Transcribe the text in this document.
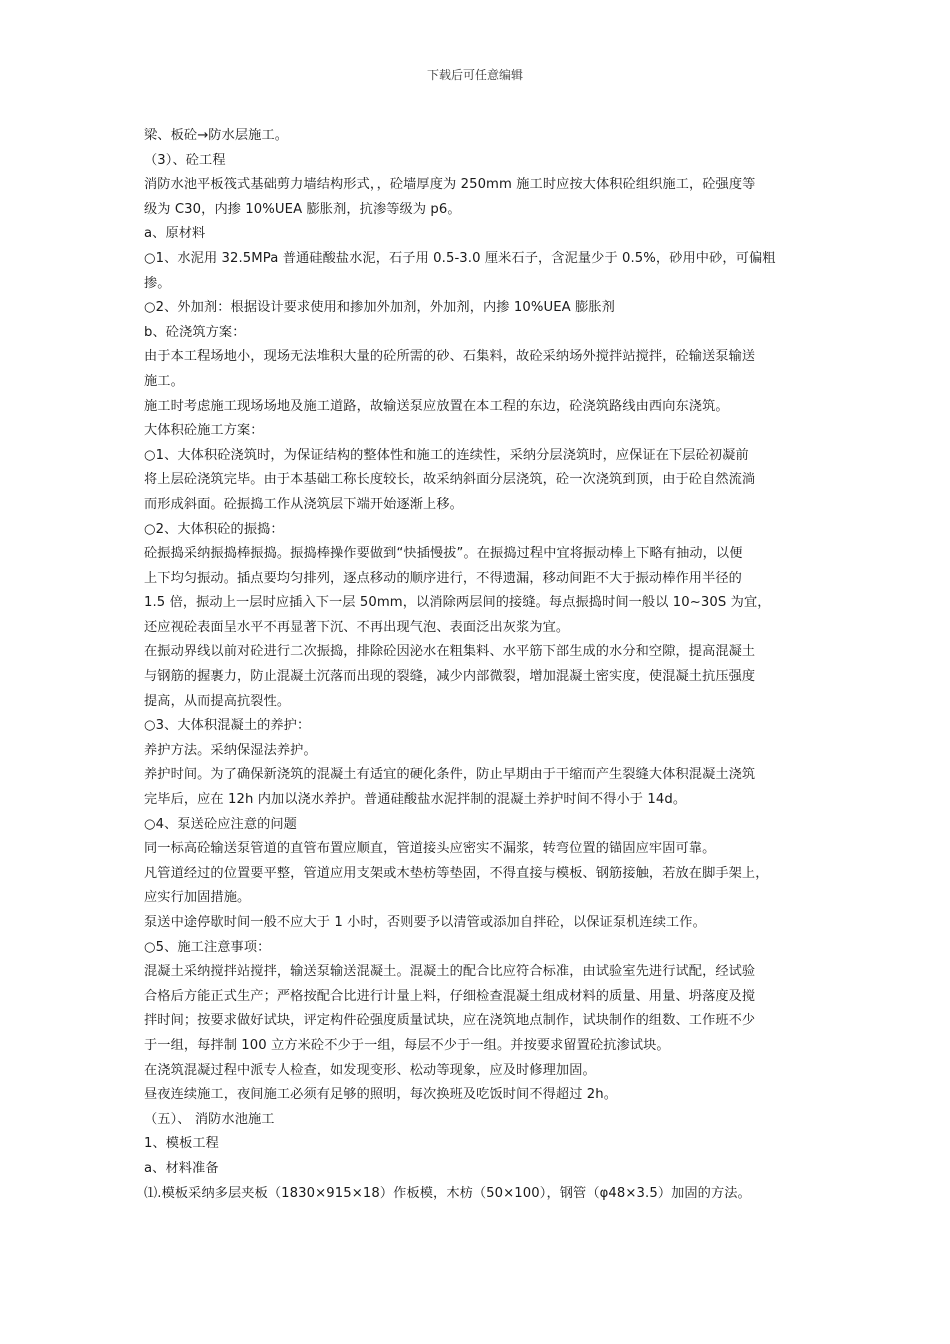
下载后可任意编辑

梁、板砼→防水层施工。

（3）、砼工程

消防水池平板筏式基础剪力墙结构形式，，砼墙厚度为 250mm 施工时应按大体积砼组织施工，砼强度等

级为 C30，内掺 10%UEA 膨胀剂，抗渗等级为 p6。

a、原材料

○1、水泥用 32.5MPa 普通硅酸盐水泥，石子用 0.5-3.0 厘米石子，含泥量少于 0.5%，砂用中砂，可偏粗

掺。

○2、外加剂：根据设计要求使用和掺加外加剂，外加剂，内掺 10%UEA 膨胀剂

b、砼浇筑方案：

由于本工程场地小，现场无法堆积大量的砼所需的砂、石集料，故砼采纳场外搅拌站搅拌，砼输送泵输送

施工。

施工时考虑施工现场场地及施工道路，故输送泵应放置在本工程的东边，砼浇筑路线由西向东浇筑。

大体积砼施工方案：

○1、大体积砼浇筑时，为保证结构的整体性和施工的连续性，采纳分层浇筑时，应保证在下层砼初凝前

将上层砼浇筑完毕。由于本基础工称长度较长，故采纳斜面分层浇筑，砼一次浇筑到顶，由于砼自然流淌

而形成斜面。砼振捣工作从浇筑层下端开始逐渐上移。

○2、大体积砼的振捣：

砼振捣采纳振捣棒振捣。振捣棒操作要做到“快插慢拔”。在振捣过程中宜将振动棒上下略有抽动，以便

上下均匀振动。插点要均匀排列，逐点移动的顺序进行，不得遗漏，移动间距不大于振动棒作用半径的

1.5 倍，振动上一层时应插入下一层 50mm，以消除两层间的接缝。每点振捣时间一般以 10~30S 为宜，

还应视砼表面呈水平不再显著下沉、不再出现气泡、表面泛出灰浆为宜。

在振动界线以前对砼进行二次振捣，排除砼因泌水在粗集料、水平筋下部生成的水分和空隙，提高混凝土

与钢筋的握裹力，防止混凝土沉落而出现的裂缝，减少内部微裂，增加混凝土密实度，使混凝土抗压强度

提高，从而提高抗裂性。

○3、大体积混凝土的养护：

养护方法。采纳保湿法养护。

养护时间。为了确保新浇筑的混凝土有适宜的硬化条件，防止早期由于干缩而产生裂缝大体积混凝土浇筑

完毕后，应在 12h 内加以浇水养护。普通硅酸盐水泥拌制的混凝土养护时间不得小于 14d。

○4、泵送砼应注意的问题

同一标高砼输送泵管道的直管布置应顺直，管道接头应密实不漏浆，转弯位置的锚固应牢固可靠。

凡管道经过的位置要平整，管道应用支架或木垫枋等垫固，不得直接与模板、钢筋接触，若放在脚手架上，

应实行加固措施。

泵送中途停歇时间一般不应大于 1 小时，否则要予以清管或添加自拌砼，以保证泵机连续工作。

○5、施工注意事项：

混凝土采纳搅拌站搅拌，输送泵输送混凝土。混凝土的配合比应符合标准，由试验室先进行试配，经试验

合格后方能正式生产；严格按配合比进行计量上料，仔细检查混凝土组成材料的质量、用量、坍落度及搅

拌时间；按要求做好试块，评定构件砼强度质量试块，应在浇筑地点制作，试块制作的组数、工作班不少

于一组，每拌制 100 立方米砼不少于一组，每层不少于一组。并按要求留置砼抗渗试块。

在浇筑混凝过程中派专人检查，如发现变形、松动等现象，应及时修理加固。

昼夜连续施工，夜间施工必须有足够的照明，每次换班及吃饭时间不得超过 2h。

（五）、 消防水池施工

1、模板工程

a、材料准备

⑴.模板采纳多层夹板（1830×915×18）作板模，木枋（50×100），钢管（φ48×3.5）加固的方法。
